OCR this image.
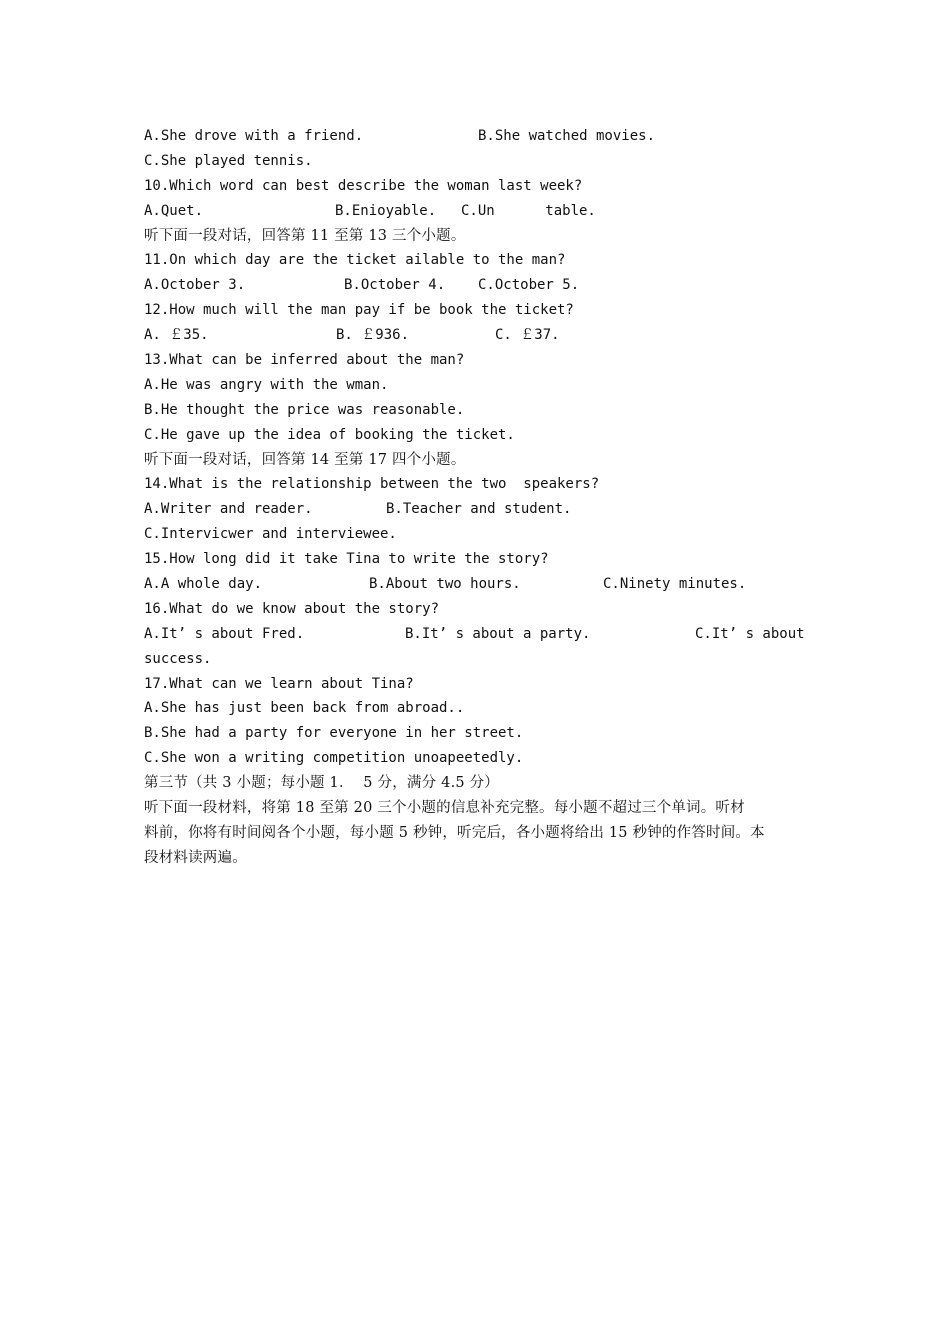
A.She drove with a friend.

	B.She watched movies.

C.She played tennis.
10.Which word can best describe the woman last week?

A.Quet.

	B.Enioyable.

C.Un      table.

听下面一段对话，回答第 11 至第 13 三个小题。
11.On which day are the ticket ailable to the man?

A.October 3.

	B.October 4.

C.October 5.

12.How much will the man pay if be book the ticket?

A. ￡35.

	B. ￡936.

	C. ￡37.

13.What can be inferred about the man?
A.He was angry with the wman.
B.He thought the price was reasonable.
C.He gave up the idea of booking the ticket.
听下面一段对话，回答第 14 至第 17 四个小题。
14.What is the relationship between the two  speakers?

A.Writer and reader.

	B.Teacher and student.

C.Intervicwer and interviewee.
15.How long did it take Tina to write the story?

A.A whole day.

	B.About two hours.

	C.Ninety minutes.

16.What do we know about the story?

A.It’ s about Fred.

	B.It’ s about a party.

	C.It’ s about

success.
17.What can we learn about Tina?
A.She has just been back from abroad..
B.She had a party for everyone in her street.
C.She won a writing competition unoapeetedly.
第三节（共 3 小题；每小题 1．  5 分，满分 4.5 分）
听下面一段材料，将第 18 至第 20 三个小题的信息补充完整。每小题不超过三个单词。听材
料前，你将有时间阅各个小题，每小题 5 秒钟，听完后，各小题将给出 15 秒钟的作答时间。本
段材料读两遍。
